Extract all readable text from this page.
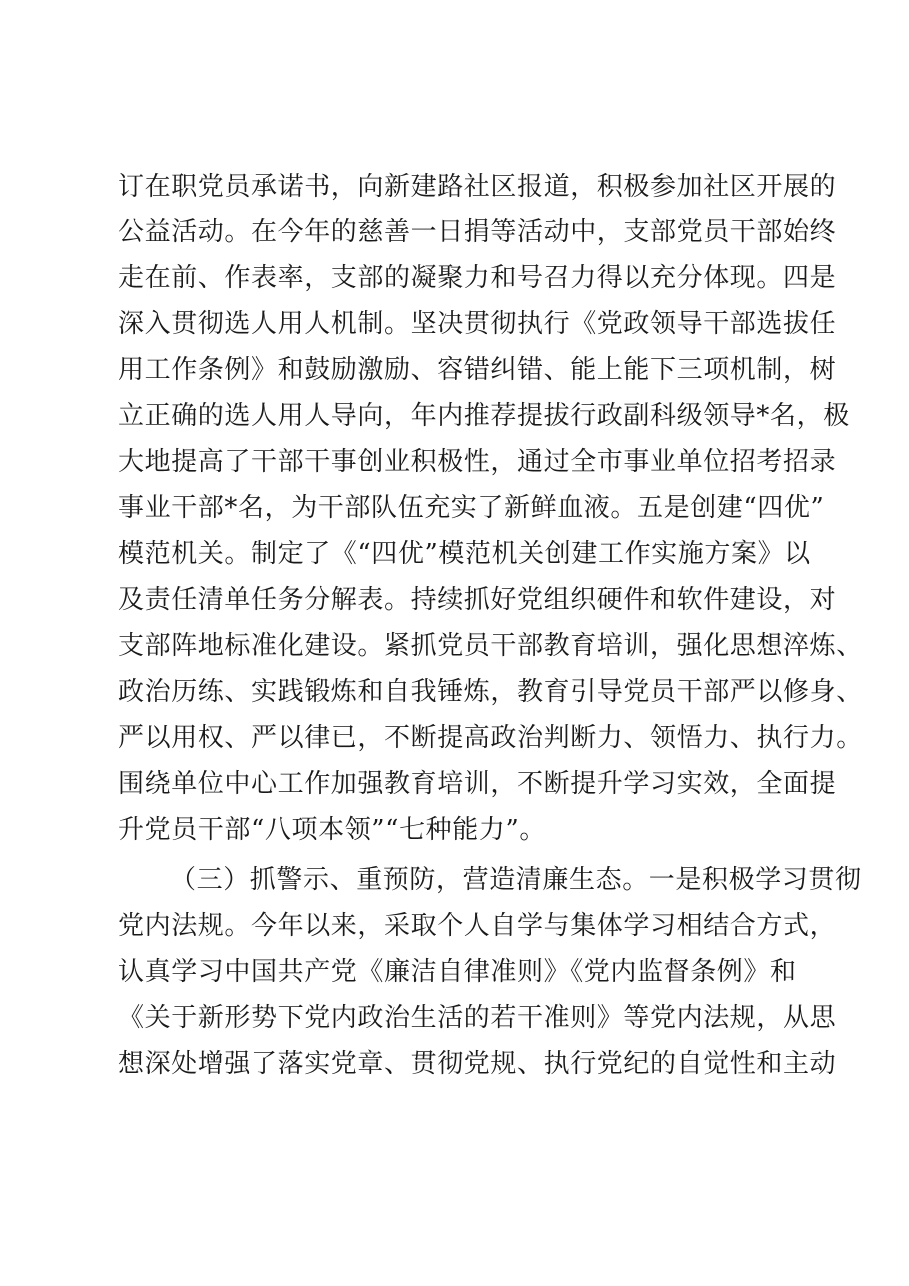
订在职党员承诺书，向新建路社区报道，积极参加社区开展的
公益活动。在今年的慈善一日捐等活动中，支部党员干部始终
走在前、作表率，支部的凝聚力和号召力得以充分体现。四是
深入贯彻选人用人机制。坚决贯彻执行《党政领导干部选拔任
用工作条例》和鼓励激励、容错纠错、能上能下三项机制，树
立正确的选人用人导向，年内推荐提拔行政副科级领导*名，极
大地提高了干部干事创业积极性，通过全市事业单位招考招录
事业干部*名，为干部队伍充实了新鲜血液。五是创建“四优”
模范机关。制定了《“四优”模范机关创建工作实施方案》以
及责任清单任务分解表。持续抓好党组织硬件和软件建设，对
支部阵地标准化建设。紧抓党员干部教育培训，强化思想淬炼、
政治历练、实践锻炼和自我锤炼，教育引导党员干部严以修身、
严以用权、严以律已，不断提高政治判断力、领悟力、执行力。
围绕单位中心工作加强教育培训，不断提升学习实效，全面提
升党员干部“八项本领”“七种能力”。
（三）抓警示、重预防，营造清廉生态。一是积极学习贯彻
党内法规。今年以来，采取个人自学与集体学习相结合方式，
认真学习中国共产党《廉洁自律准则》《党内监督条例》和
《关于新形势下党内政治生活的若干准则》等党内法规，从思
想深处增强了落实党章、贯彻党规、执行党纪的自觉性和主动
